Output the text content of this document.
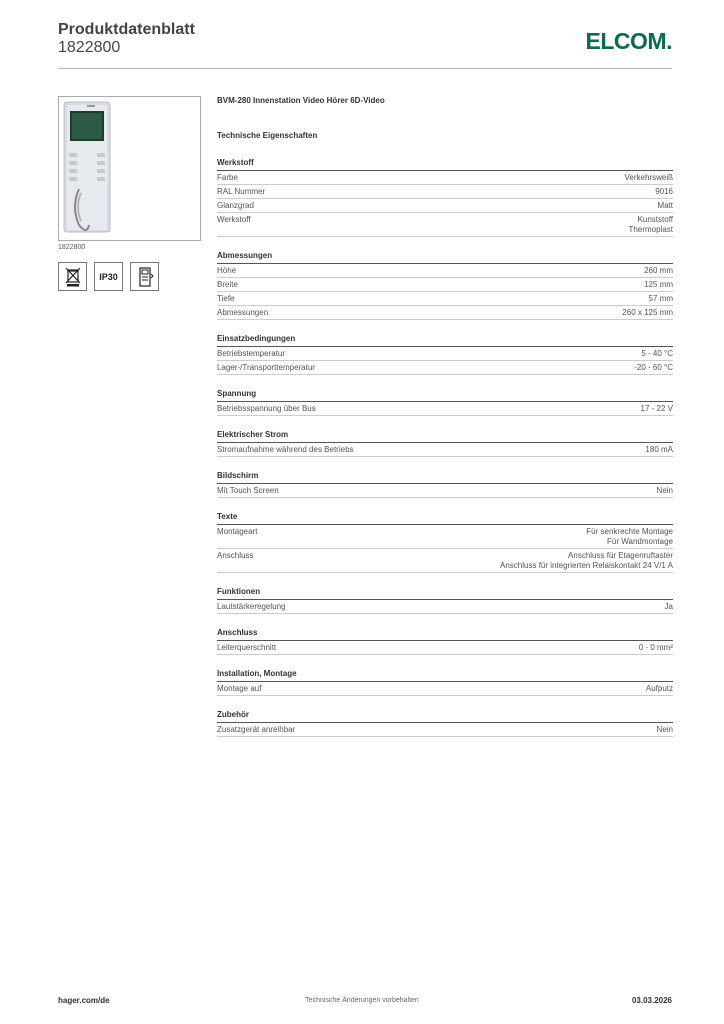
Produktdatenblatt
1822800	ELCOM.
1822800
IP30
BVM-280 Innenstation Video Hörer 6D-Video
Technische Eigenschaften
Werkstoff
Farbe	Verkehrsweiß
RAL Nummer	9016
Glanzgrad	Matt
Werkstoff	Kunststoff
Thermoplast
Abmessungen
Höhe	260 mm
Breite	125 mm
Tiefe	57 mm
Abmessungen	260 x 125 mm
Einsatzbedingungen
Betriebstemperatur	5 - 40 °C
Lager-/Transporttemperatur	-20 - 60 °C
Spannung
Betriebsspannung über Bus	17 - 22 V
Elektrischer Strom
Stromaufnahme während des Betriebs	180 mA
Bildschirm
Mit Touch Screen	Nein
Texte
Montageart	Für senkrechte Montage
Für Wandmontage
Anschluss	Anschluss für Etagenruftaster
Anschluss für integrierten Relaiskontakt 24 V/1 A
Funktionen
Lautstärkeregelung	Ja
Anschluss
Leiterquerschnitt	0 - 0 mm²
Installation, Montage
Montage auf	Aufputz
Zubehör
Zusatzgerät anreihbar	Nein
hager.com/de	Technische Änderungen vorbehalten	03.03.2026
